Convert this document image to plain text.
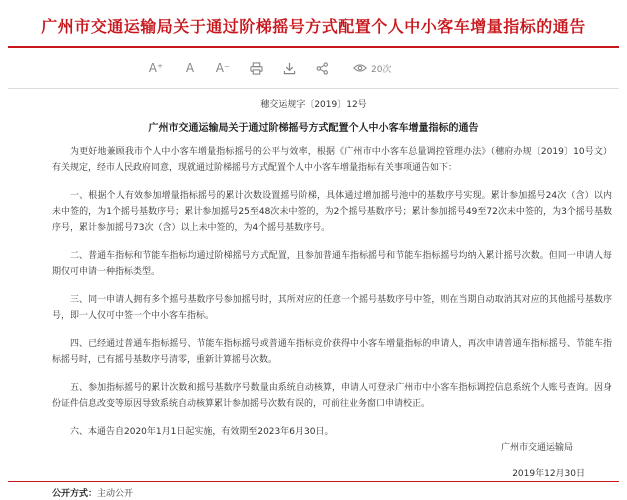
广州市交通运输局关于通过阶梯摇号方式配置个人中小客车增量指标的通告
A⁺ A A⁻	20次
穗交运规字〔2019〕12号
广州市交通运输局关于通过阶梯摇号方式配置个人中小客车增量指标的通告

为更好地兼顾我市个人中小客车增量指标摇号的公平与效率，根据《广州市中小客车总量调控管理办法》（穗府办规〔2019〕10号文）有关规定，经市人民政府同意，现就通过阶梯摇号方式配置个人中小客车增量指标有关事项通告如下：

一、根据个人有效参加增量指标摇号的累计次数设置摇号阶梯，具体通过增加摇号池中的基数序号实现。累计参加摇号24次（含）以内未中签的，为1个摇号基数序号；累计参加摇号25至48次未中签的，为2个摇号基数序号；累计参加摇号49至72次未中签的，为3个摇号基数序号，累计参加摇号73次（含）以上未中签的，为4个摇号基数序号。

二、普通车指标和节能车指标均通过阶梯摇号方式配置，且参加普通车指标摇号和节能车指标摇号均纳入累计摇号次数。但同一申请人每期仅可申请一种指标类型。

三、同一申请人拥有多个摇号基数序号参加摇号时，其所对应的任意一个摇号基数序号中签，则在当期自动取消其对应的其他摇号基数序号，即一人仅可中签一个中小客车指标。

四、已经通过普通车指标摇号、节能车指标摇号或普通车指标竞价获得中小客车增量指标的申请人，再次申请普通车指标摇号、节能车指标摇号时，已有摇号基数序号清零，重新计算摇号次数。

五、参加指标摇号的累计次数和摇号基数序号数量由系统自动核算，申请人可登录广州市中小客车指标调控信息系统个人账号查询。因身份证件信息改变等原因导致系统自动核算累计参加摇号次数有误的，可前往业务窗口申请校正。

六、本通告自2020年1月1日起实施，有效期至2023年6月30日。

广州市交通运输局
2019年12月30日
公开方式：主动公开
